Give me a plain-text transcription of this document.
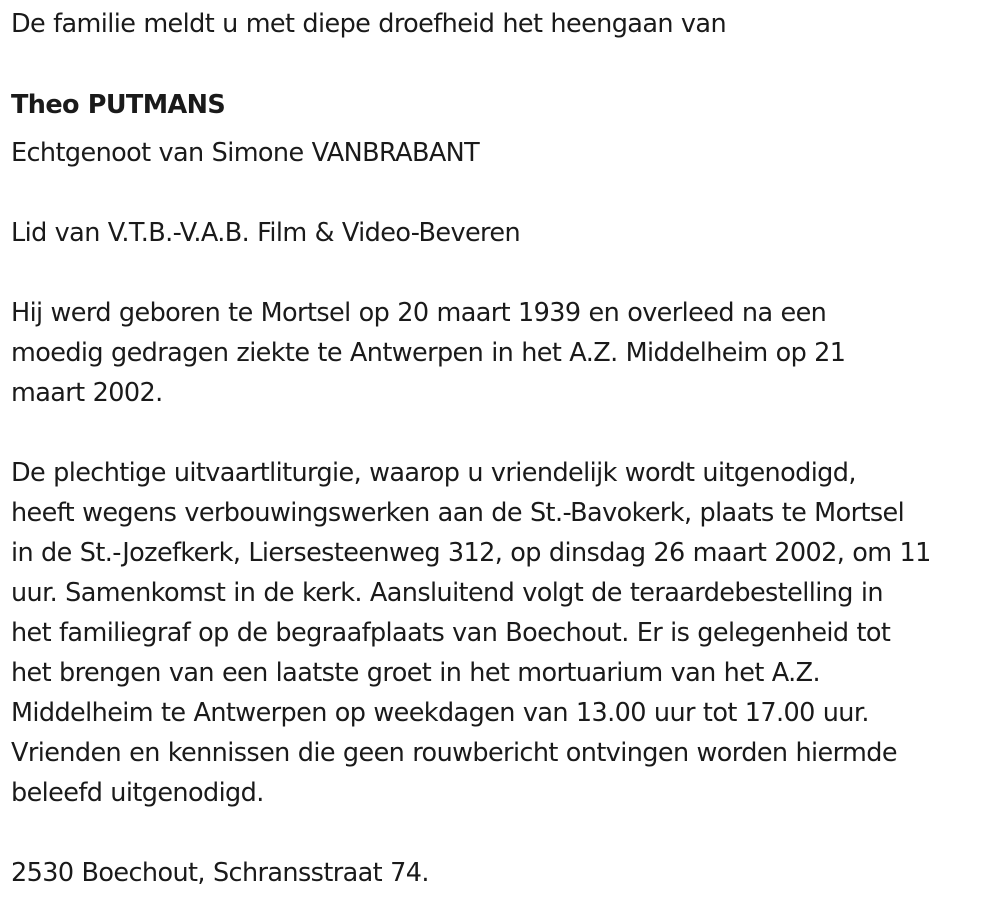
De familie meldt u met diepe droefheid het heengaan van
Theo PUTMANS
Echtgenoot van Simone VANBRABANT
Lid van V.T.B.-V.A.B. Film & Video-Beveren
Hij werd geboren te Mortsel op 20 maart 1939 en overleed na een
moedig gedragen ziekte te Antwerpen in het A.Z. Middelheim op 21
maart 2002.
De plechtige uitvaartliturgie, waarop u vriendelijk wordt uitgenodigd,
heeft wegens verbouwingswerken aan de St.-Bavokerk, plaats te Mortsel
in de St.-Jozefkerk, Liersesteenweg 312, op dinsdag 26 maart 2002, om 11
uur. Samenkomst in de kerk. Aansluitend volgt de teraardebestelling in
het familiegraf op de begraafplaats van Boechout. Er is gelegenheid tot
het brengen van een laatste groet in het mortuarium van het A.Z.
Middelheim te Antwerpen op weekdagen van 13.00 uur tot 17.00 uur.
Vrienden en kennissen die geen rouwbericht ontvingen worden hiermde
beleefd uitgenodigd.
2530 Boechout, Schransstraat 74.
